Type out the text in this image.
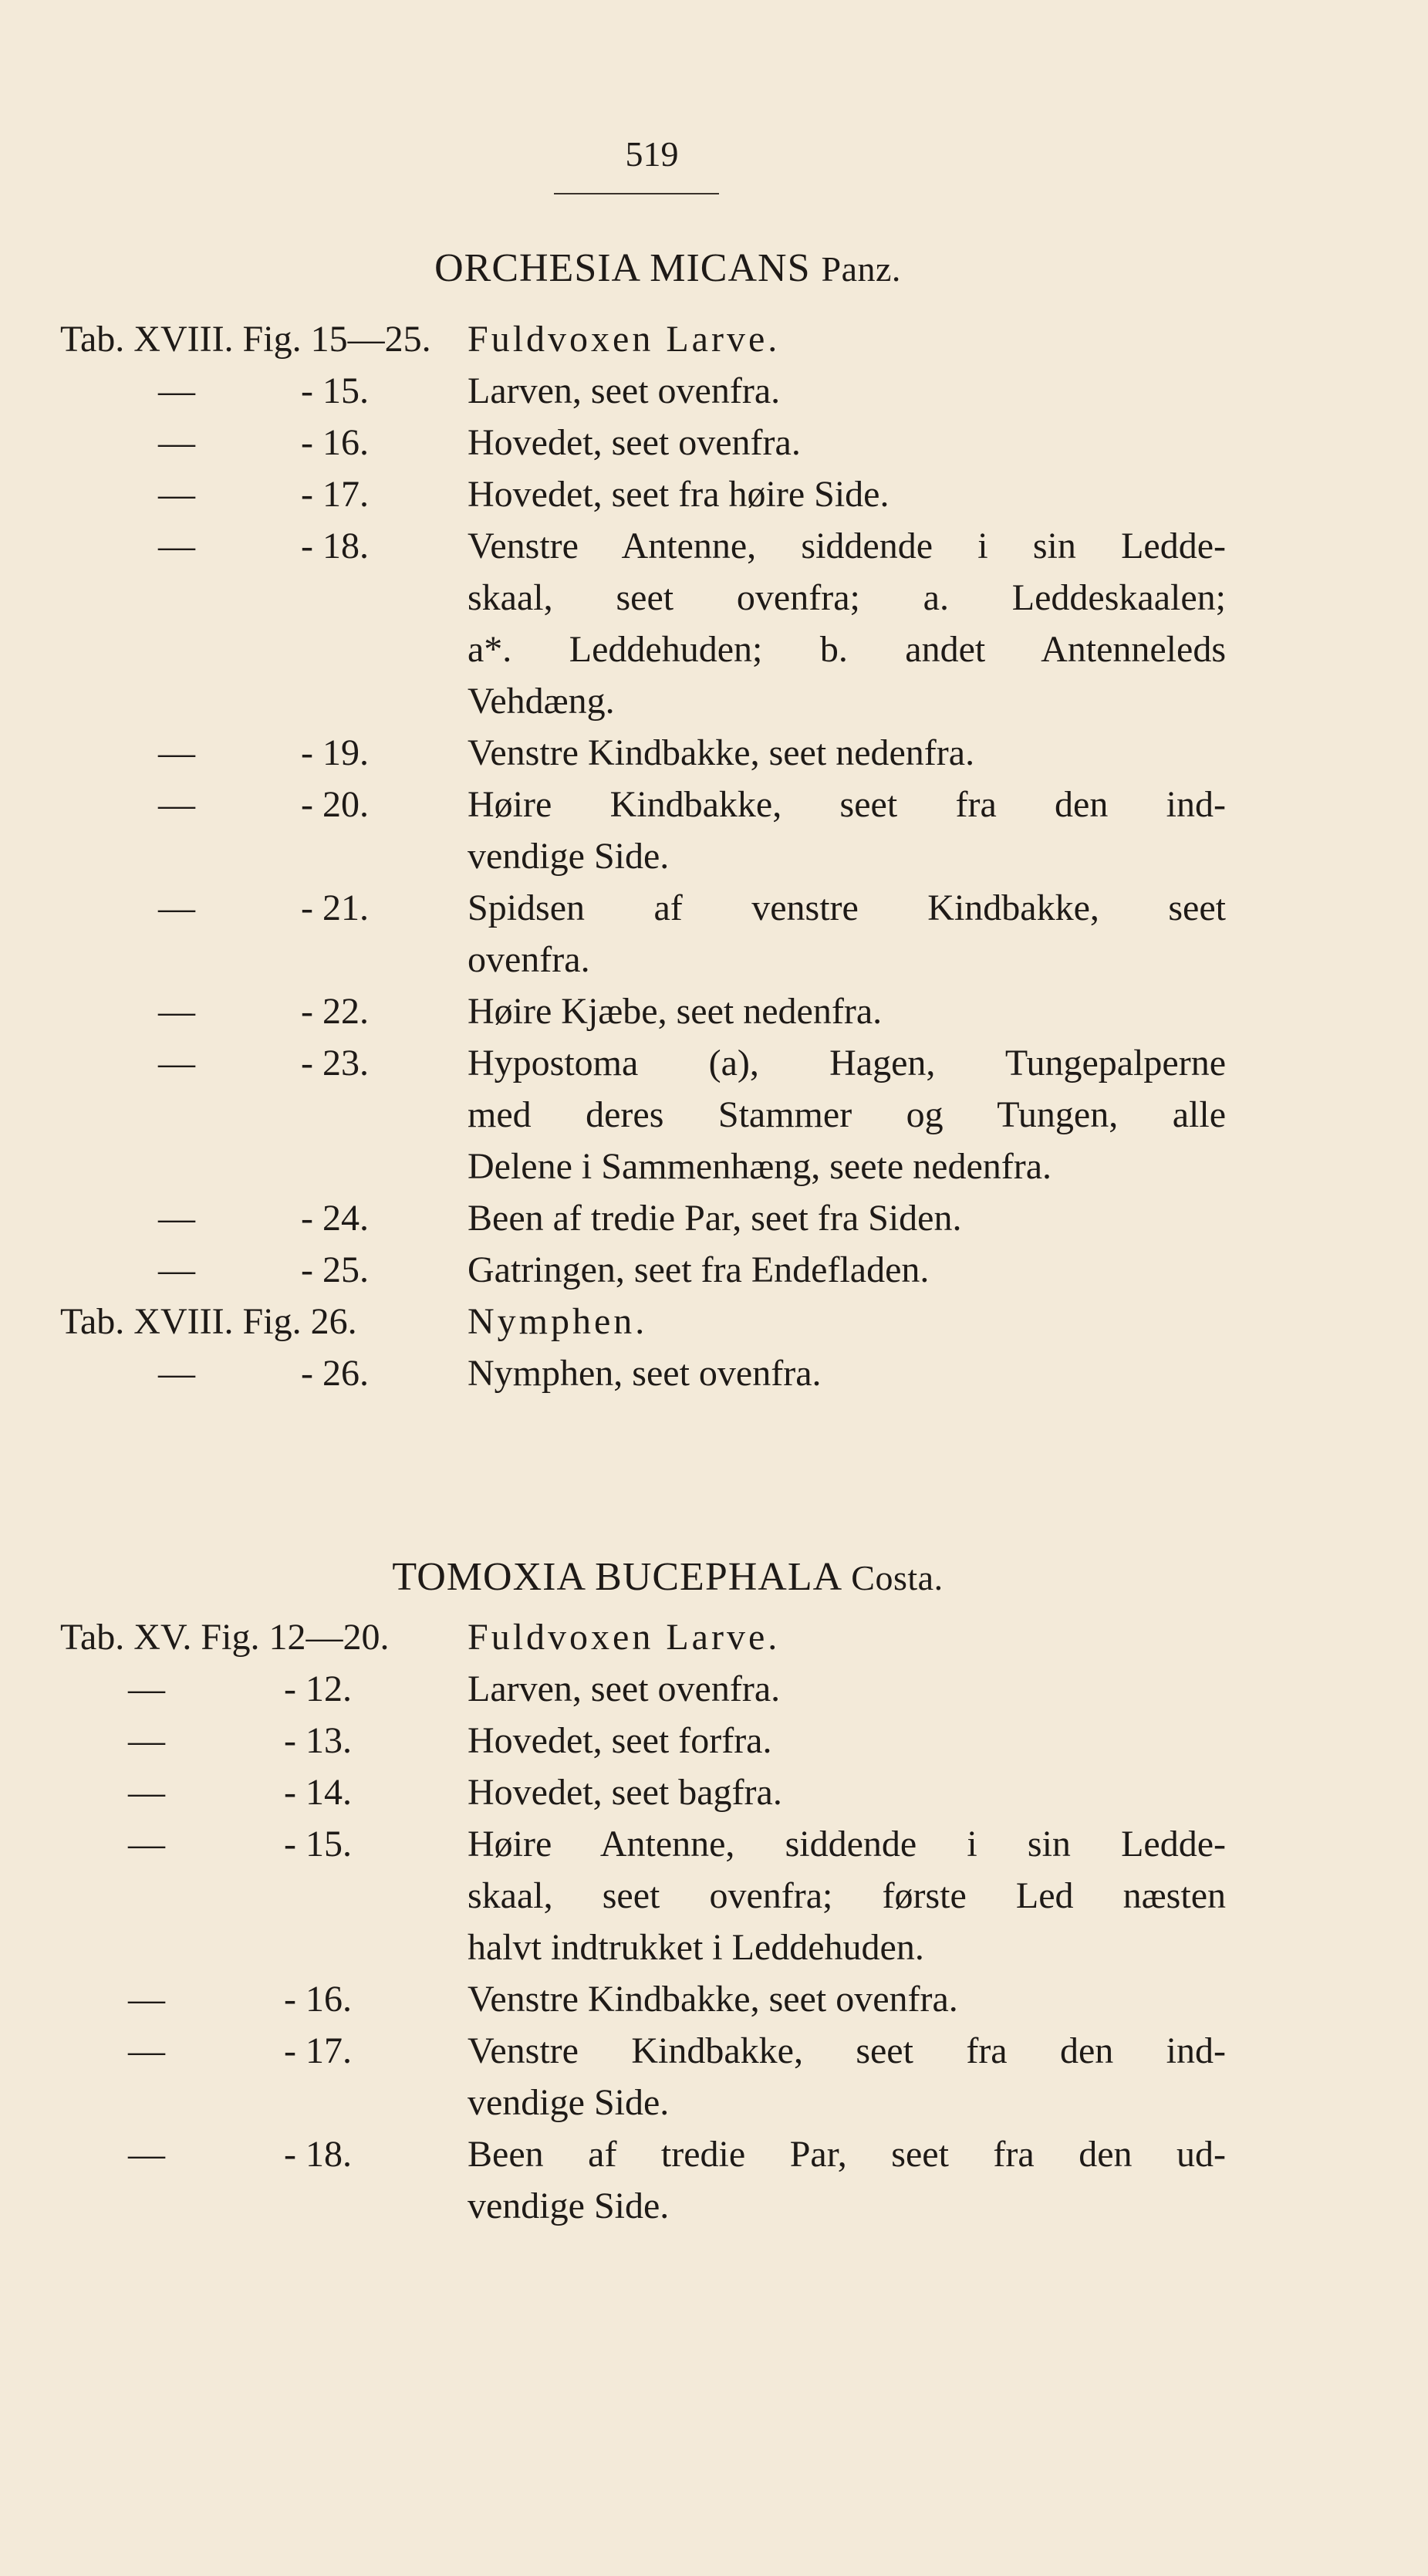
519
ORCHESIA MICANS Panz.
Tab. XVIII. Fig. 15—25. Fuldvoxen Larve.
—	- 15.	Larven, seet ovenfra.
—	- 16.	Hovedet, seet ovenfra.
—	- 17.	Hovedet, seet fra høire Side.
—	- 18.	Venstre Antenne, siddende i sin Ledde-
skaal, seet ovenfra; a. Leddeskaalen;
a*. Leddehuden; b. andet Antenneleds
Vehdæng.
—	- 19.	Venstre Kindbakke, seet nedenfra.
—	- 20.	Høire Kindbakke, seet fra den ind-
vendige Side.
—	- 21.	Spidsen af venstre Kindbakke, seet
ovenfra.
—	- 22.	Høire Kjæbe, seet nedenfra.
—	- 23.	Hypostoma (a), Hagen, Tungepalperne
med deres Stammer og Tungen, alle
Delene i Sammenhæng, seete nedenfra.
—	- 24.	Been af tredie Par, seet fra Siden.
—	- 25.	Gatringen, seet fra Endefladen.
Tab. XVIII. Fig. 26.	Nymphen.
—	- 26.	Nymphen, seet ovenfra.
TOMOXIA BUCEPHALA Costa.
Tab. XV. Fig. 12—20. Fuldvoxen Larve.
—	- 12.	Larven, seet ovenfra.
—	- 13.	Hovedet, seet forfra.
—	- 14.	Hovedet, seet bagfra.
—	- 15.	Høire Antenne, siddende i sin Ledde-
skaal, seet ovenfra; første Led næsten
halvt indtrukket i Leddehuden.
—	- 16.	Venstre Kindbakke, seet ovenfra.
—	- 17.	Venstre Kindbakke, seet fra den ind-
vendige Side.
—	- 18.	Been af tredie Par, seet fra den ud-
vendige Side.
